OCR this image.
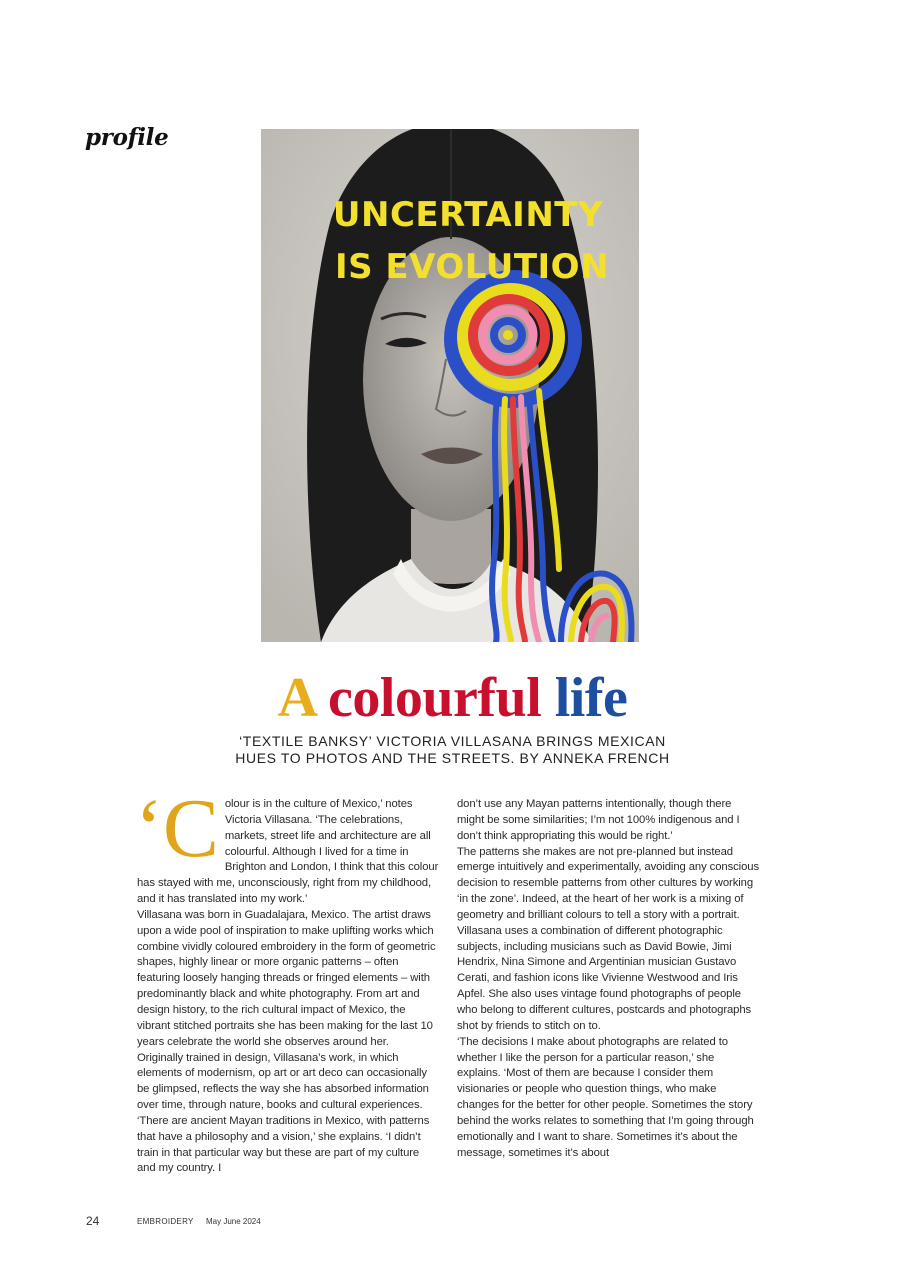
profile
UNCERTAINTY
IS EVOLUTION
A colourful life
‘TEXTILE BANKSY’ VICTORIA VILLASANA BRINGS MEXICAN
HUES TO PHOTOS AND THE STREETS. BY ANNEKA FRENCH
‘C olour is in the culture of Mexico,’ notes Victoria Villasana. ‘The celebrations, markets, street life and architecture are all colourful. Although I lived for a time in Brighton and London, I think that this colour has stayed with me, unconsciously, right from my childhood, and it has translated into my work.’

Villasana was born in Guadalajara, Mexico. The artist draws upon a wide pool of inspiration to make uplifting works which combine vividly coloured embroidery in the form of geometric shapes, highly linear or more organic patterns – often featuring loosely hanging threads or fringed elements – with predominantly black and white photography. From art and design history, to the rich cultural impact of Mexico, the vibrant stitched portraits she has been making for the last 10 years celebrate the world she observes around her.

Originally trained in design, Villasana’s work, in which elements of modernism, op art or art deco can occasionally be glimpsed, reflects the way she has absorbed information over time, through nature, books and cultural experiences. ‘There are ancient Mayan traditions in Mexico, with patterns that have a philosophy and a vision,’ she explains. ‘I didn’t train in that particular way but these are part of my culture and my country. I

don’t use any Mayan patterns intentionally, though there might be some similarities; I’m not 100% indigenous and I don’t think appropriating this would be right.’

The patterns she makes are not pre-planned but instead emerge intuitively and experimentally, avoiding any conscious decision to resemble patterns from other cultures by working ‘in the zone’. Indeed, at the heart of her work is a mixing of geometry and brilliant colours to tell a story with a portrait.

Villasana uses a combination of different photographic subjects, including musicians such as David Bowie, Jimi Hendrix, Nina Simone and Argentinian musician Gustavo Cerati, and fashion icons like Vivienne Westwood and Iris Apfel. She also uses vintage found photographs of people who belong to different cultures, postcards and photographs shot by friends to stitch on to.

‘The decisions I make about photographs are related to whether I like the person for a particular reason,’ she explains. ‘Most of them are because I consider them visionaries or people who question things, who make changes for the better for other people. Sometimes the story behind the works relates to something that I’m going through emotionally and I want to share. Sometimes it’s about the message, sometimes it’s about

24	EMBROIDERY May June 2024
